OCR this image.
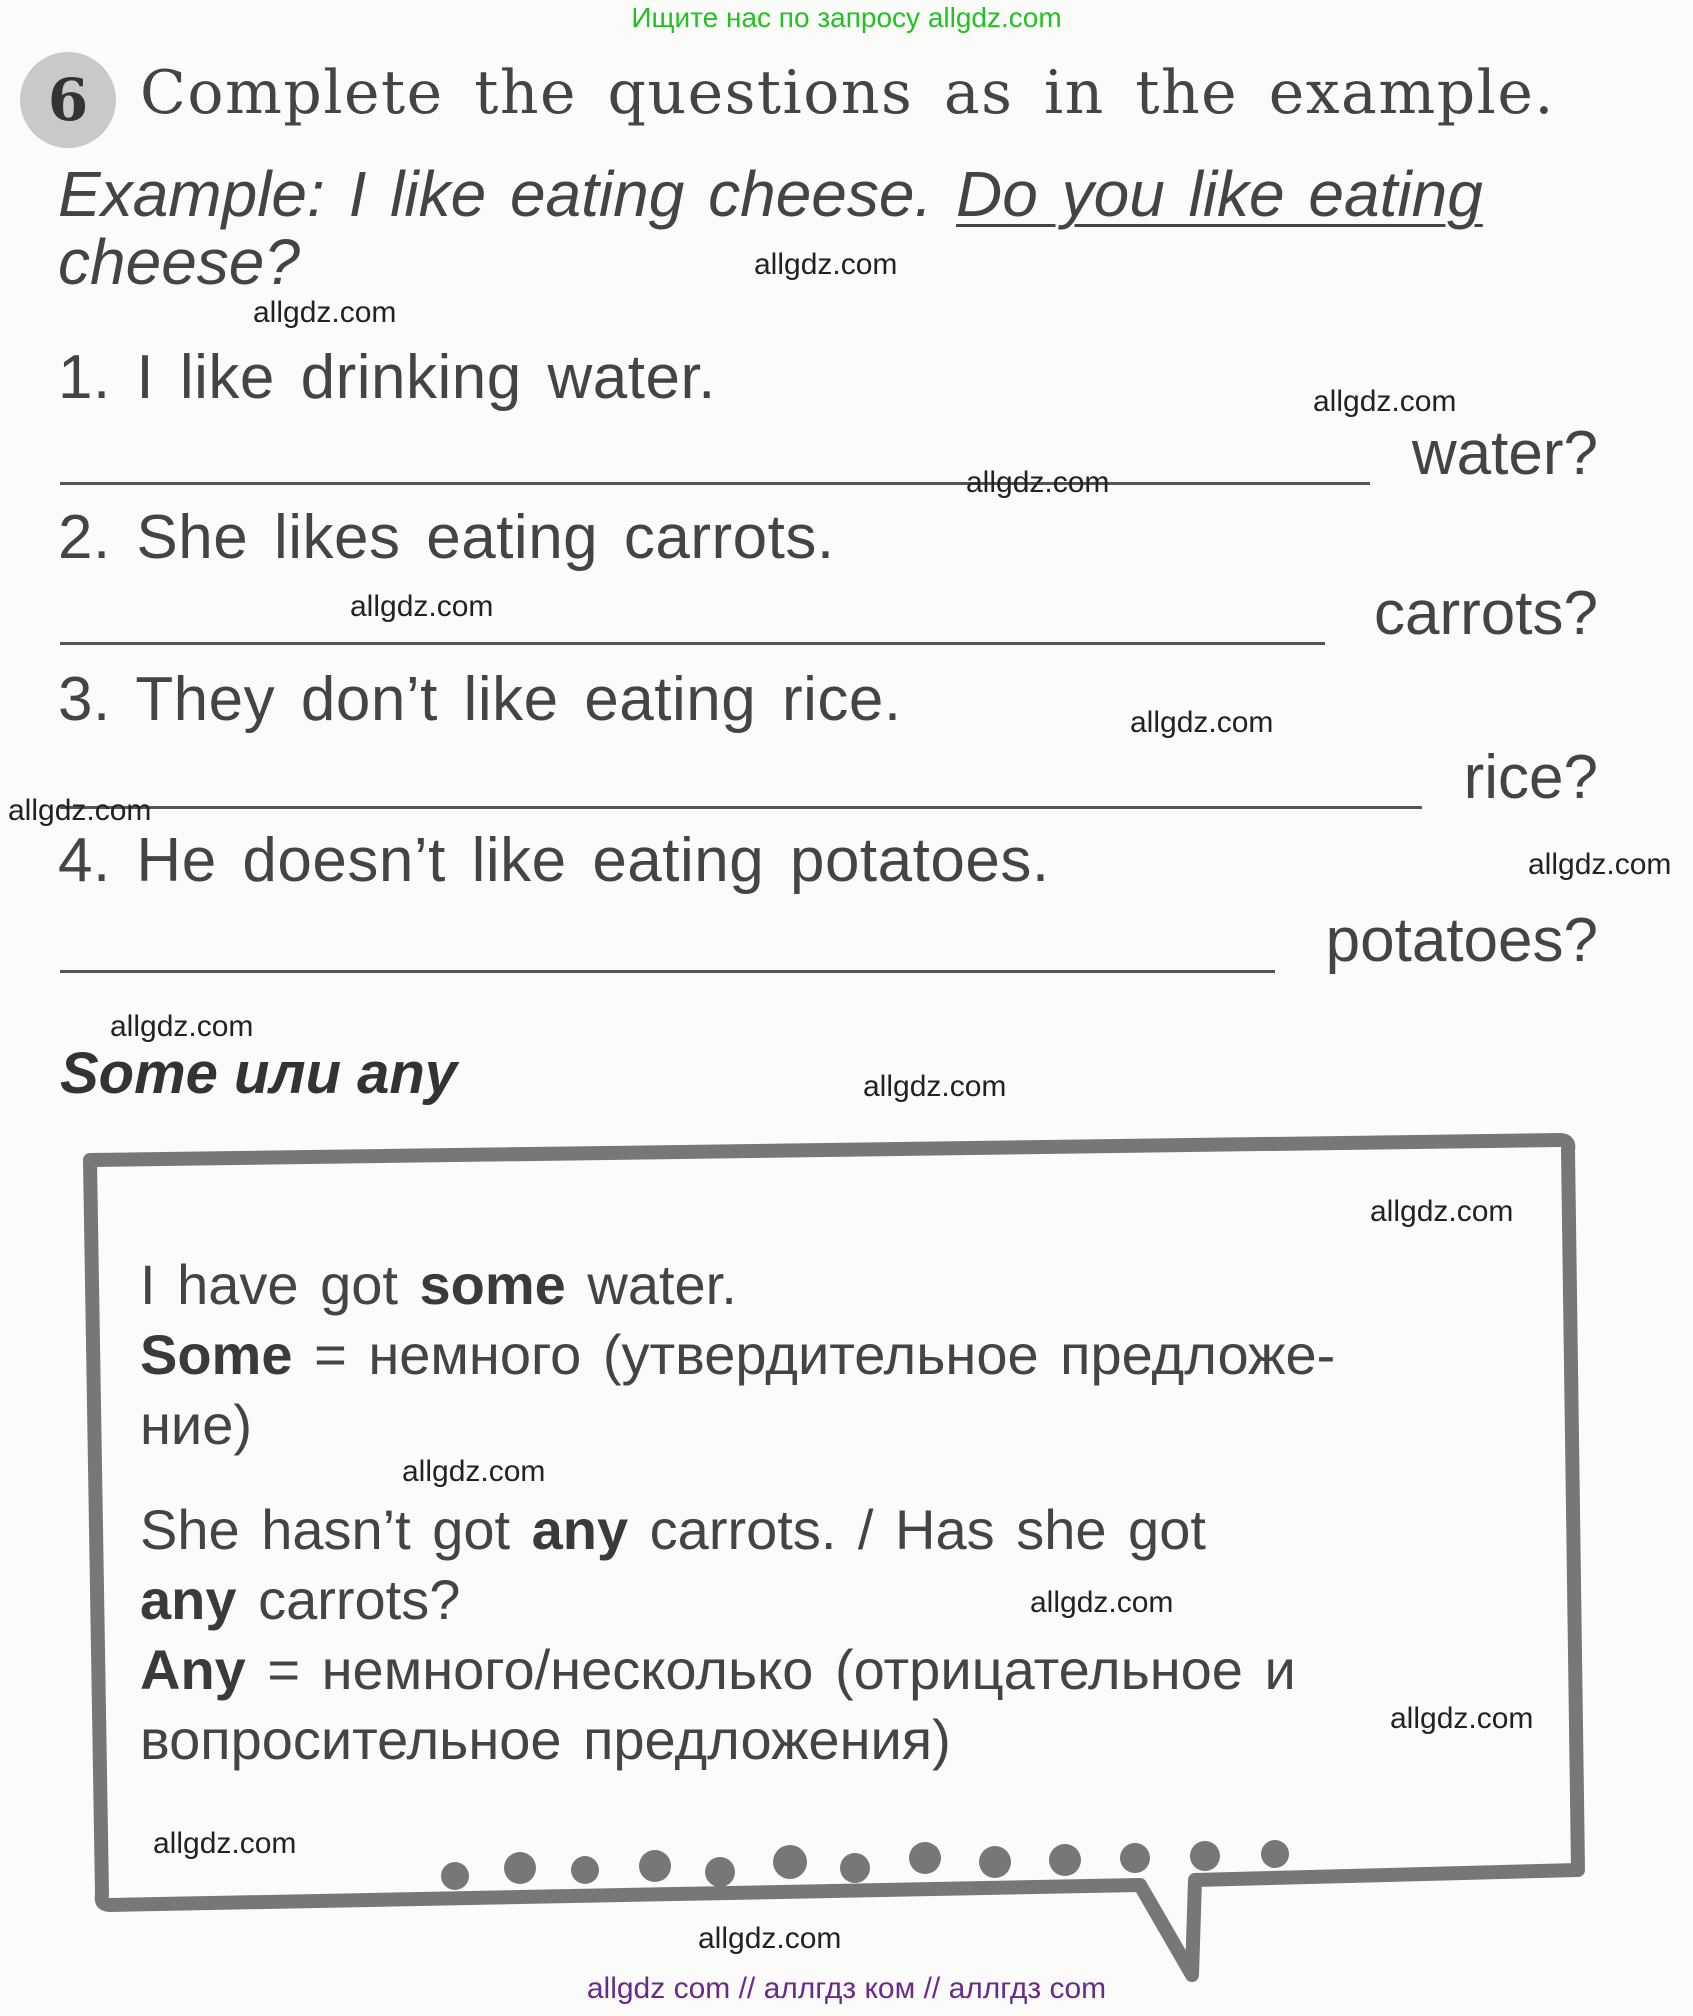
Ищите нас по запросу allgdz.com
6 Complete the questions as in the example.
Example: I like eating cheese. Do you like eating cheese?
1. I like drinking water.
water?
2. She likes eating carrots.
carrots?
3. They don’t like eating rice.
rice?
4. He doesn’t like eating potatoes.
potatoes?
Some или any
I have got some water.
Some = немного (утвердительное предложе-
ние)
She hasn’t got any carrots. / Has she got
any carrots?
Any = немного/несколько (отрицательное и
вопросительное предложения)
allgdz.com
allgdz.com
allgdz.com
allgdz.com
allgdz.com
allgdz.com
allgdz.com
allgdz.com
allgdz.com
allgdz.com
allgdz.com
allgdz.com
allgdz.com
allgdz.com
allgdz.com
allgdz.com
allgdz com // аллгдз ком // аллгдз com
